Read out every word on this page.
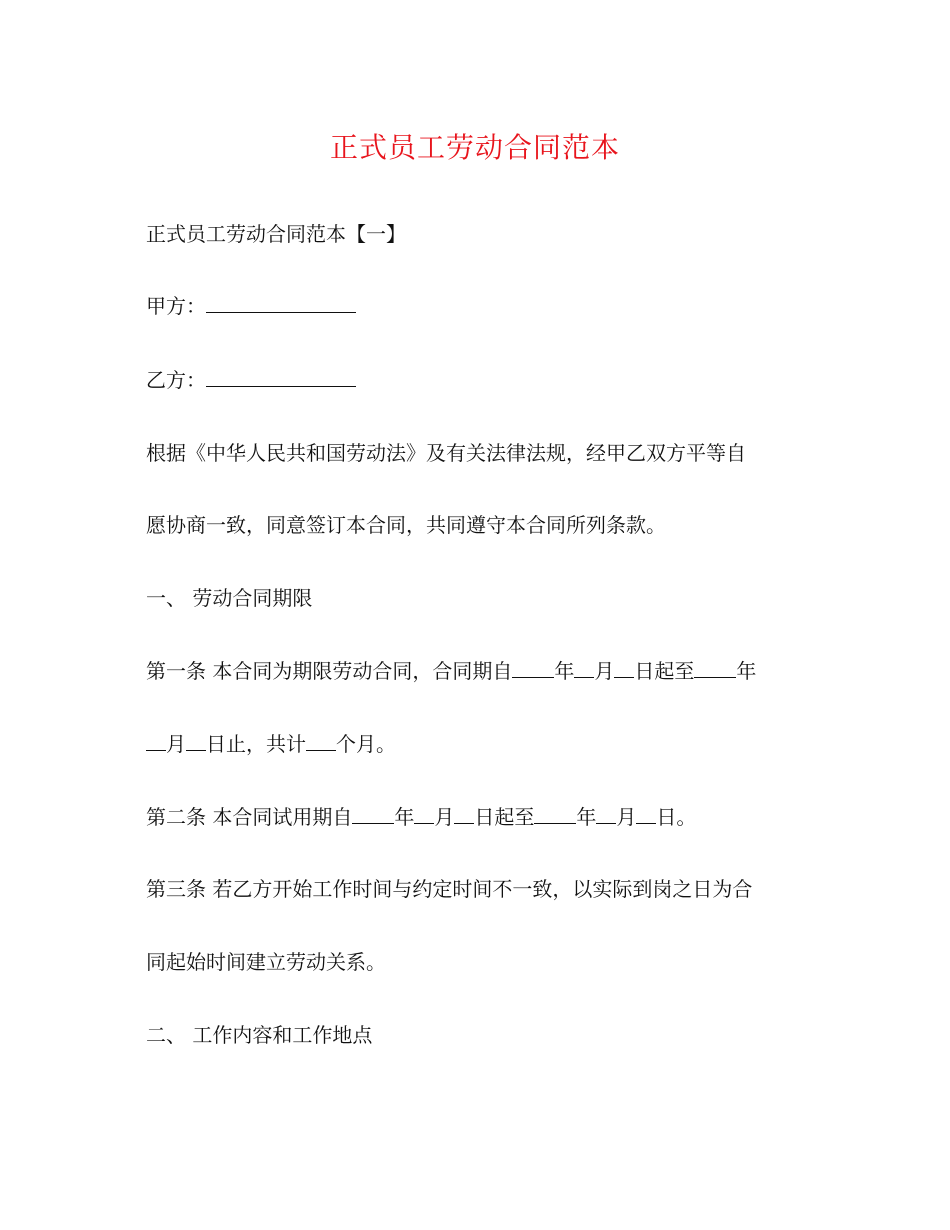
正式员工劳动合同范本
正式员工劳动合同范本【一】
甲方：
乙方：
根据《中华人民共和国劳动法》及有关法律法规，经甲乙双方平等自
愿协商一致，同意签订本合同，共同遵守本合同所列条款。
一、 劳动合同期限
第一条 本合同为期限劳动合同，合同期自 年 月 日起至 年
月 日止，共计 个月。
第二条 本合同试用期自 年 月 日起至 年 月 日。
第三条 若乙方开始工作时间与约定时间不一致，以实际到岗之日为合
同起始时间建立劳动关系。
二、 工作内容和工作地点
